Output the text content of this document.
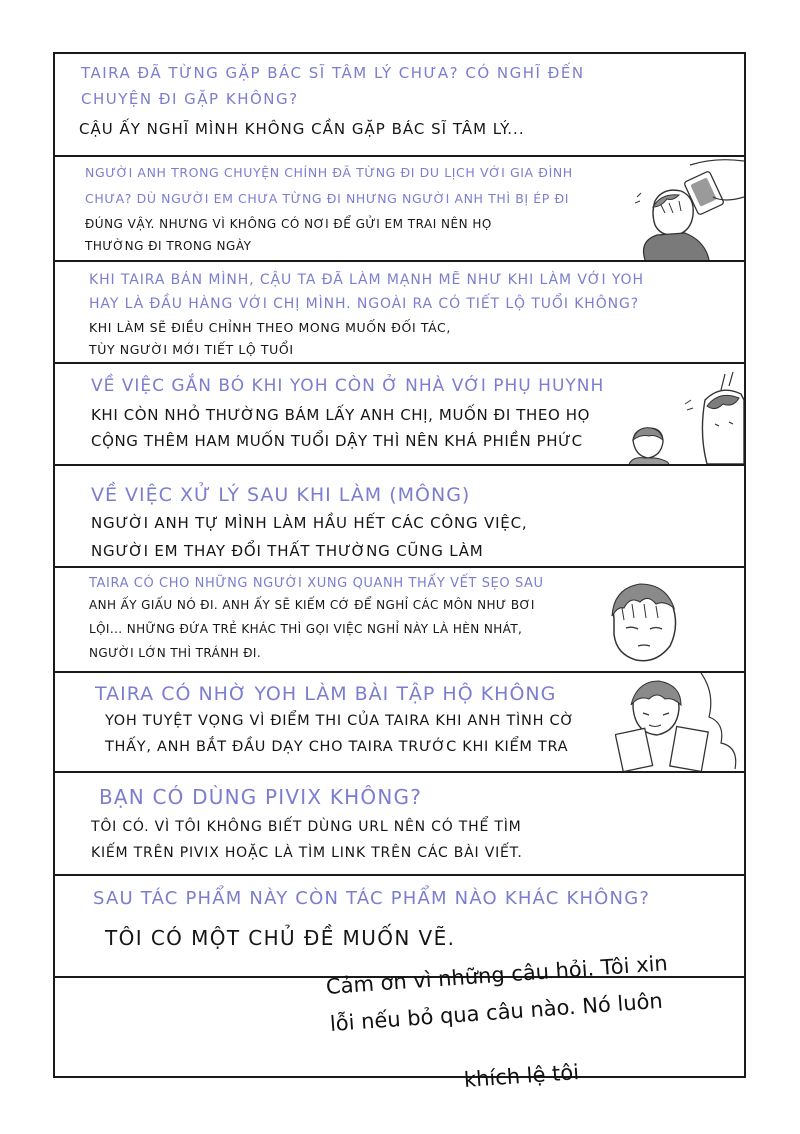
TAIRA ĐÃ TỪNG GẶP BÁC SĨ TÂM LÝ CHƯA? CÓ NGHĨ ĐẾN
CHUYỆN ĐI GẶP KHÔNG?
CẬU ẤY NGHĨ MÌNH KHÔNG CẦN GẶP BÁC SĨ TÂM LÝ...
NGƯỜI ANH TRONG CHUYỆN CHÍNH ĐÃ TỪNG ĐI DU LỊCH VỚI GIA ĐÌNH
CHƯA? DÙ NGƯỜI EM CHƯA TỪNG ĐI NHƯNG NGƯỜI ANH THÌ BỊ ÉP ĐI
ĐÚNG VẬY. NHƯNG VÌ KHÔNG CÓ NƠI ĐỂ GỬI EM TRAI NÊN HỌ
THƯỜNG ĐI TRONG NGÀY
KHI TAIRA BÁN MÌNH, CẬU TA ĐÃ LÀM MẠNH MẼ NHƯ KHI LÀM VỚI YOH
HAY LÀ ĐẦU HÀNG VỚI CHỊ MÌNH. NGOÀI RA CÓ TIẾT LỘ TUỔI KHÔNG?
KHI LÀM SẼ ĐIỀU CHỈNH THEO MONG MUỐN ĐỐI TÁC,
TÙY NGƯỜI MỚI TIẾT LỘ TUỔI
VỀ VIỆC GẮN BÓ KHI YOH CÒN Ở NHÀ VỚI PHỤ HUYNH
KHI CÒN NHỎ THƯỜNG BÁM LẤY ANH CHỊ, MUỐN ĐI THEO HỌ
CỘNG THÊM HAM MUỐN TUỔI DẬY THÌ NÊN KHÁ PHIỀN PHỨC
VỀ VIỆC XỬ LÝ SAU KHI LÀM (MÔNG)
NGƯỜI ANH TỰ MÌNH LÀM HẦU HẾT CÁC CÔNG VIỆC,
NGƯỜI EM THAY ĐỔI THẤT THƯỜNG CŨNG LÀM
TAIRA CÓ CHO NHỮNG NGƯỜI XUNG QUANH THẤY VẾT SẸO SAU
ANH ẤY GIẤU NÓ ĐI. ANH ẤY SẼ KIẾM CỚ ĐỂ NGHỈ CÁC MÔN NHƯ BƠI
LỘI... NHỮNG ĐỨA TRẺ KHÁC THÌ GỌI VIỆC NGHỈ NÀY LÀ HÈN NHÁT,
NGƯỜI LỚN THÌ TRÁNH ĐI.
TAIRA CÓ NHỜ YOH LÀM BÀI TẬP HỘ KHÔNG
YOH TUYỆT VỌNG VÌ ĐIỂM THI CỦA TAIRA KHI ANH TÌNH CỜ
THẤY, ANH BẮT ĐẦU DẠY CHO TAIRA TRƯỚC KHI KIỂM TRA
BẠN CÓ DÙNG PIVIX KHÔNG?
TÔI CÓ. VÌ TÔI KHÔNG BIẾT DÙNG URL NÊN CÓ THỂ TÌM
KIẾM TRÊN PIVIX HOẶC LÀ TÌM LINK TRÊN CÁC BÀI VIẾT.
SAU TÁC PHẨM NÀY CÒN TÁC PHẨM NÀO KHÁC KHÔNG?
TÔI CÓ MỘT CHỦ ĐỀ MUỐN VẼ.
Cảm ơn vì những câu hỏi. Tôi xin
lỗi nếu bỏ qua câu nào. Nó luôn
khích lệ tôi
